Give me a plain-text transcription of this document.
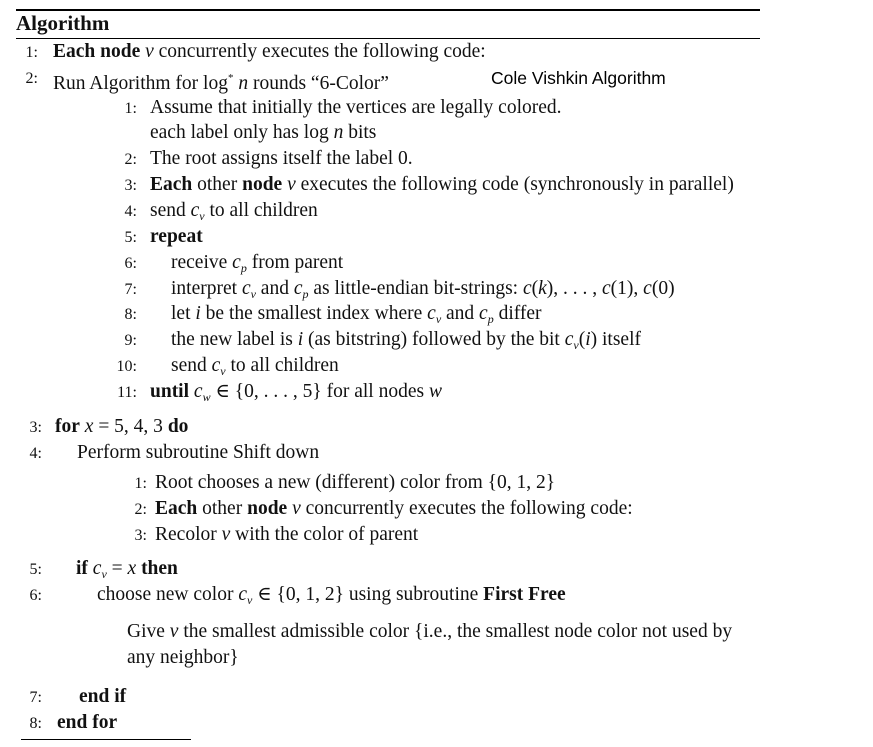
Algorithm
Cole Vishkin Algorithm
1: Each node v concurrently executes the following code:
2: Run Algorithm for log* n rounds “6-Color”
1: Assume that initially the vertices are legally colored.
each label only has log n bits
2: The root assigns itself the label 0.
3: Each other node v executes the following code (synchronously in parallel)
4: send $c_v$ to all children
5: repeat
6: receive $c_p$ from parent
7: interpret $c_v$ and $c_p$ as little-endian bit-strings: c(k), . . . , c(1), c(0)
8: let i be the smallest index where $c_v$ and $c_p$ differ
9: the new label is i (as bitstring) followed by the bit $c_v(i)$ itself
10: send $c_v$ to all children
11: until $c_w$ ∈ {0, . . . , 5} for all nodes w
3: for x = 5, 4, 3 do
4: Perform subroutine Shift down
1: Root chooses a new (different) color from {0, 1, 2}
2: Each other node v concurrently executes the following code:
3: Recolor v with the color of parent
5: if $c_v = x$ then
6:	choose new color $c_v$ ∈ {0, 1, 2} using subroutine First Free
7: end if
8: end for
Give v the smallest admissible color {i.e., the smallest node color not used by
any neighbor}
